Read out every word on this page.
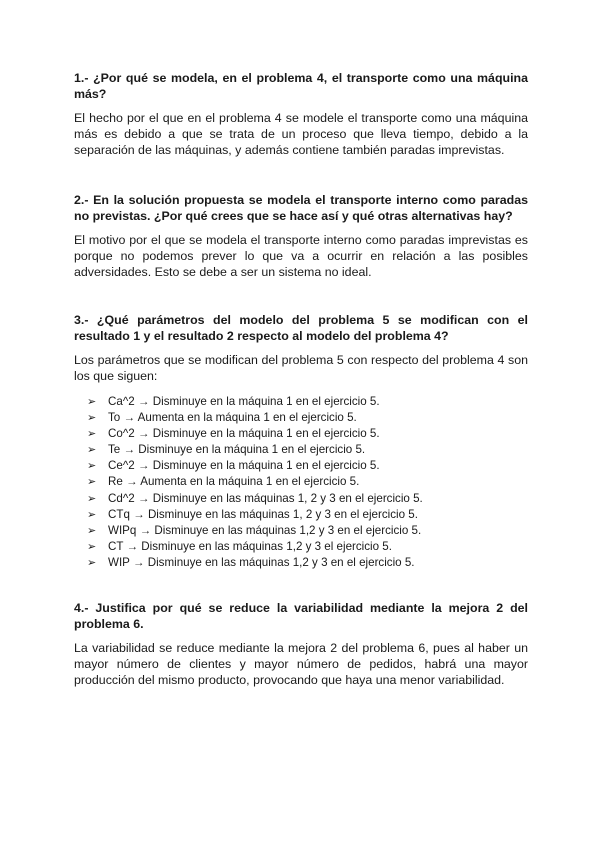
1.- ¿Por qué se modela, en el problema 4, el transporte como una máquina más?

El hecho por el que en el problema 4 se modele el transporte como una máquina más es debido a que se trata de un proceso que lleva tiempo, debido a la separación de las máquinas, y además contiene también paradas imprevistas.

2.- En la solución propuesta se modela el transporte interno como paradas no previstas. ¿Por qué crees que se hace así y qué otras alternativas hay?

El motivo por el que se modela el transporte interno como paradas imprevistas es porque no podemos prever lo que va a ocurrir en relación a las posibles adversidades. Esto se debe a ser un sistema no ideal.

3.- ¿Qué parámetros del modelo del problema 5 se modifican con el resultado 1 y el resultado 2 respecto al modelo del problema 4?

Los parámetros que se modifican del problema 5 con respecto del problema 4 son los que siguen:

➢ Ca^2 → Disminuye en la máquina 1 en el ejercicio 5.
➢ To → Aumenta en la máquina 1 en el ejercicio 5.
➢ Co^2 → Disminuye en la máquina 1 en el ejercicio 5.
➢ Te → Disminuye en la máquina 1 en el ejercicio 5.
➢ Ce^2 → Disminuye en la máquina 1 en el ejercicio 5.
➢ Re → Aumenta en la máquina 1 en el ejercicio 5.
➢ Cd^2 → Disminuye en las máquinas 1, 2 y 3 en el ejercicio 5.
➢ CTq → Disminuye en las máquinas 1, 2 y 3 en el ejercicio 5.
➢ WIPq → Disminuye en las máquinas 1,2 y 3 en el ejercicio 5.
➢ CT → Disminuye en las máquinas 1,2 y 3 el ejercicio 5.
➢ WIP → Disminuye en las máquinas 1,2 y 3 en el ejercicio 5.

4.- Justifica por qué se reduce la variabilidad mediante la mejora 2 del problema 6.

La variabilidad se reduce mediante la mejora 2 del problema 6, pues al haber un mayor número de clientes y mayor número de pedidos, habrá una mayor producción del mismo producto, provocando que haya una menor variabilidad.
